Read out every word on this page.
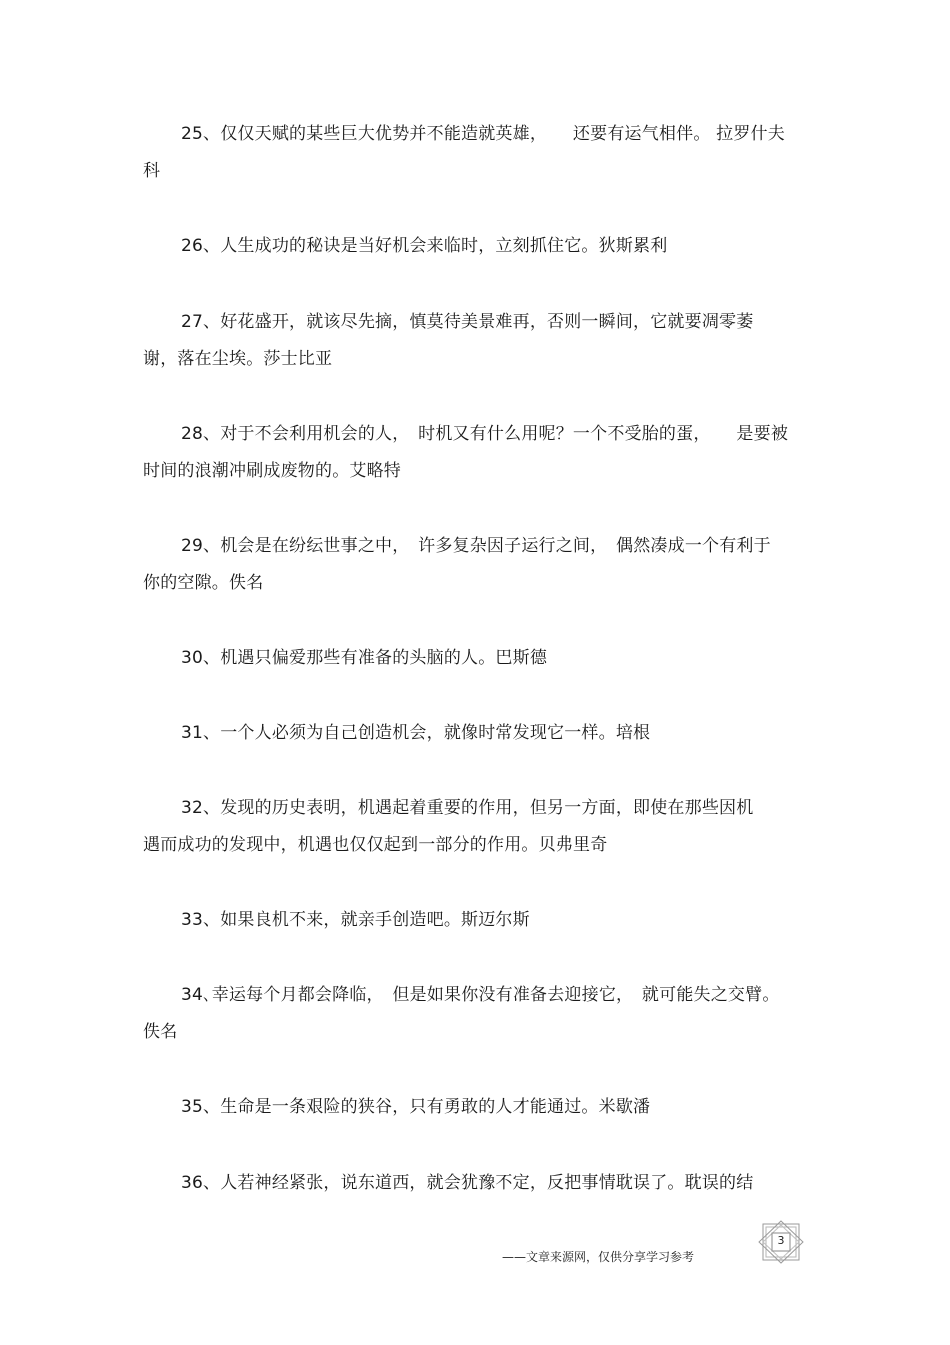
25、仅仅天赋的某些巨大优势并不能造就英雄，　　还要有运气相伴。 拉罗什夫
科
26、人生成功的秘诀是当好机会来临时，立刻抓住它。狄斯累利
27、好花盛开，就该尽先摘，慎莫待美景难再，否则一瞬间，它就要凋零萎
谢，落在尘埃。莎士比亚
28、对于不会利用机会的人，　时机又有什么用呢？一个不受胎的蛋，　　是要被
时间的浪潮冲刷成废物的。艾略特
29、机会是在纷纭世事之中，　许多复杂因子运行之间，　偶然凑成一个有利于
你的空隙。佚名
30、机遇只偏爱那些有准备的头脑的人。巴斯德
31、一个人必须为自己创造机会，就像时常发现它一样。培根
32、发现的历史表明，机遇起着重要的作用，但另一方面，即使在那些因机
遇而成功的发现中，机遇也仅仅起到一部分的作用。贝弗里奇
33、如果良机不来，就亲手创造吧。斯迈尔斯
34､幸运每个月都会降临，　但是如果你没有准备去迎接它，　就可能失之交臂。
佚名
35、生命是一条艰险的狭谷，只有勇敢的人才能通过。米歇潘
36、人若神经紧张，说东道西，就会犹豫不定，反把事情耽误了。耽误的结
——文章来源网，仅供分享学习参考
3
